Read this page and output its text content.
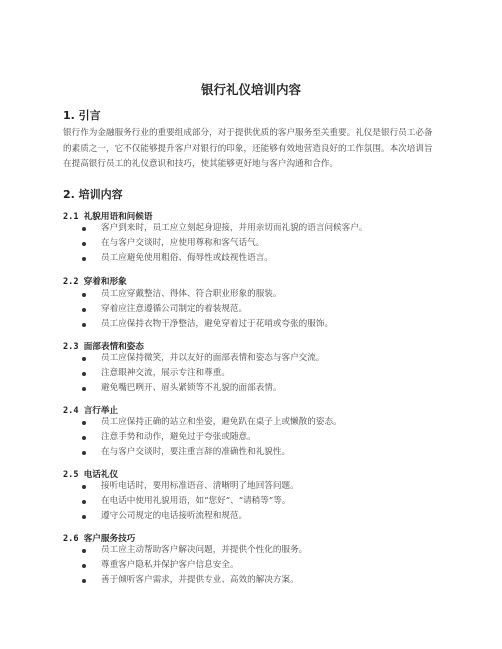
银行礼仪培训内容
1. 引言

银行作为金融服务行业的重要组成部分，对于提供优质的客户服务至关重要。礼仪是银行员工必备的素质之一，它不仅能够提升客户对银行的印象，还能够有效地营造良好的工作氛围。本次培训旨在提高银行员工的礼仪意识和技巧，使其能够更好地与客户沟通和合作。

2. 培训内容
2.1 礼貌用语和问候语
客户到来时，员工应立刻起身迎接，并用亲切而礼貌的语言问候客户。
在与客户交谈时，应使用尊称和客气话气。
员工应避免使用粗俗、侮辱性或歧视性语言。
2.2 穿着和形象
员工应穿戴整洁、得体、符合职业形象的服装。
穿着应注意遵循公司制定的着装规范。
员工应保持衣物干净整洁，避免穿着过于花哨或夸张的服饰。
2.3 面部表情和姿态
员工应保持微笑，并以友好的面部表情和姿态与客户交流。
注意眼神交流，展示专注和尊重。
避免嘴巴咧开、眉头紧锁等不礼貌的面部表情。
2.4 言行举止
员工应保持正确的站立和坐姿，避免趴在桌子上或懒散的姿态。
注意手势和动作，避免过于夸张或随意。
在与客户交谈时，要注重言辞的准确性和礼貌性。
2.5 电话礼仪
接听电话时，要用标准语音、清晰明了地回答问题。
在电话中使用礼貌用语，如“您好”、“请稍等”等。
遵守公司规定的电话接听流程和规范。
2.6 客户服务技巧
员工应主动帮助客户解决问题，并提供个性化的服务。
尊重客户隐私并保护客户信息安全。
善于倾听客户需求，并提供专业、高效的解决方案。
